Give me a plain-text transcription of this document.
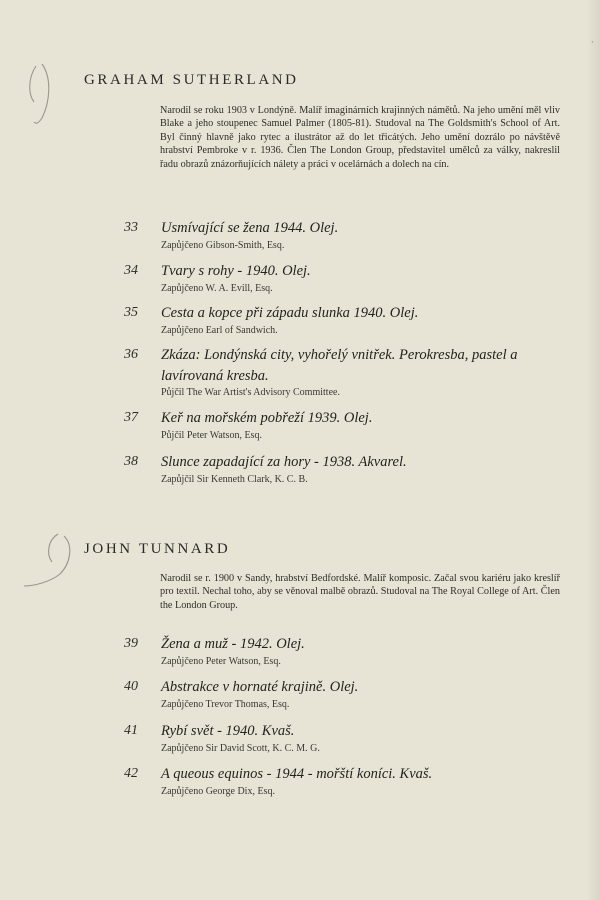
ʼ
GRAHAM SUTHERLAND
Narodil se roku 1903 v Londýně. Malíř imaginárních krajinných námětů. Na jeho umění měl vliv Blake a jeho stoupenec Samuel Palmer (1805-81). Studoval na The Goldsmith's School of Art. Byl činný hlavně jako rytec a ilustrátor až do let třicátých. Jeho umění dozrálo po návštěvě hrabství Pembroke v r. 1936. Člen The London Group, představitel umělců za války, nakreslil řadu obrazů znázorňujících nálety a práci v ocelárnách a dolech na cín.
33 Usmívající se žena 1944. Olej.
Zapůjčeno Gibson-Smith, Esq.
34 Tvary s rohy - 1940. Olej.
Zapůjčeno W. A. Evill, Esq.
35 Cesta a kopce při západu slunka 1940. Olej.
Zapůjčeno Earl of Sandwich.
36 Zkáza: Londýnská city, vyhořelý vnitřek. Perokresba, pastel a lavírovaná kresba.
Půjčil The War Artist's Advisory Committee.
37 Keř na mořském pobřeží 1939. Olej.
Půjčil Peter Watson, Esq.
38 Slunce zapadající za hory - 1938. Akvarel.
Zapůjčil Sir Kenneth Clark, K. C. B.
JOHN TUNNARD
Narodil se r. 1900 v Sandy, hrabství Bedfordské. Malíř komposic. Začal svou kariéru jako kreslíř pro textil. Nechal toho, aby se věnoval malbě obrazů. Studoval na The Royal College of Art. Člen the London Group.
39 Žena a muž - 1942. Olej.
Zapůjčeno Peter Watson, Esq.
40 Abstrakce v hornaté krajině. Olej.
Zapůjčeno Trevor Thomas, Esq.
41 Rybí svět - 1940. Kvaš.
Zapůjčeno Sir David Scott, K. C. M. G.
42 A queous equinos - 1944 - mořští koníci. Kvaš.
Zapůjčeno George Dix, Esq.
